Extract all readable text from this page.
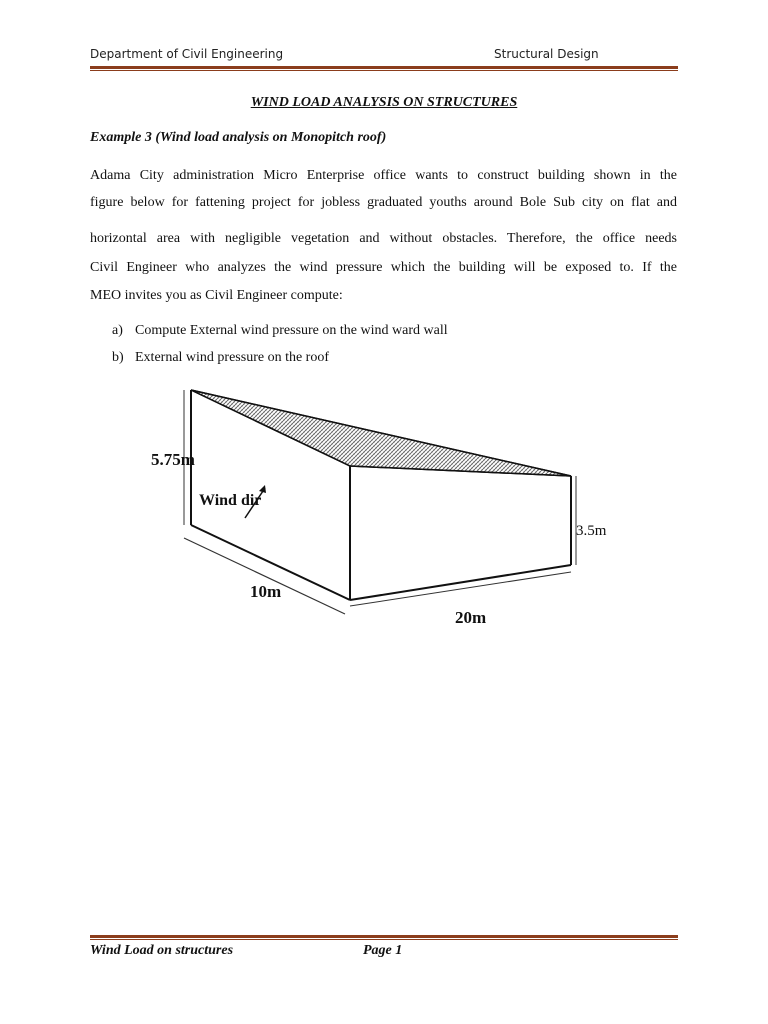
Department of Civil Engineering	Structural Design
WIND LOAD ANALYSIS ON STRUCTURES
Example 3 (Wind load analysis on Monopitch roof)
Adama City administration Micro Enterprise office wants to construct building shown in the
figure below for fattening project for jobless graduated youths around Bole Sub city on flat and
horizontal area with negligible vegetation and without obstacles. Therefore, the office needs
Civil Engineer who analyzes the wind pressure which the building will be exposed to. If the
MEO invites you as Civil Engineer compute:
a) Compute External wind pressure on the wind ward wall
b) External wind pressure on the roof
5.75m
3.5m
10m
20m
Wind dir
Wind Load on structures	Page 1
